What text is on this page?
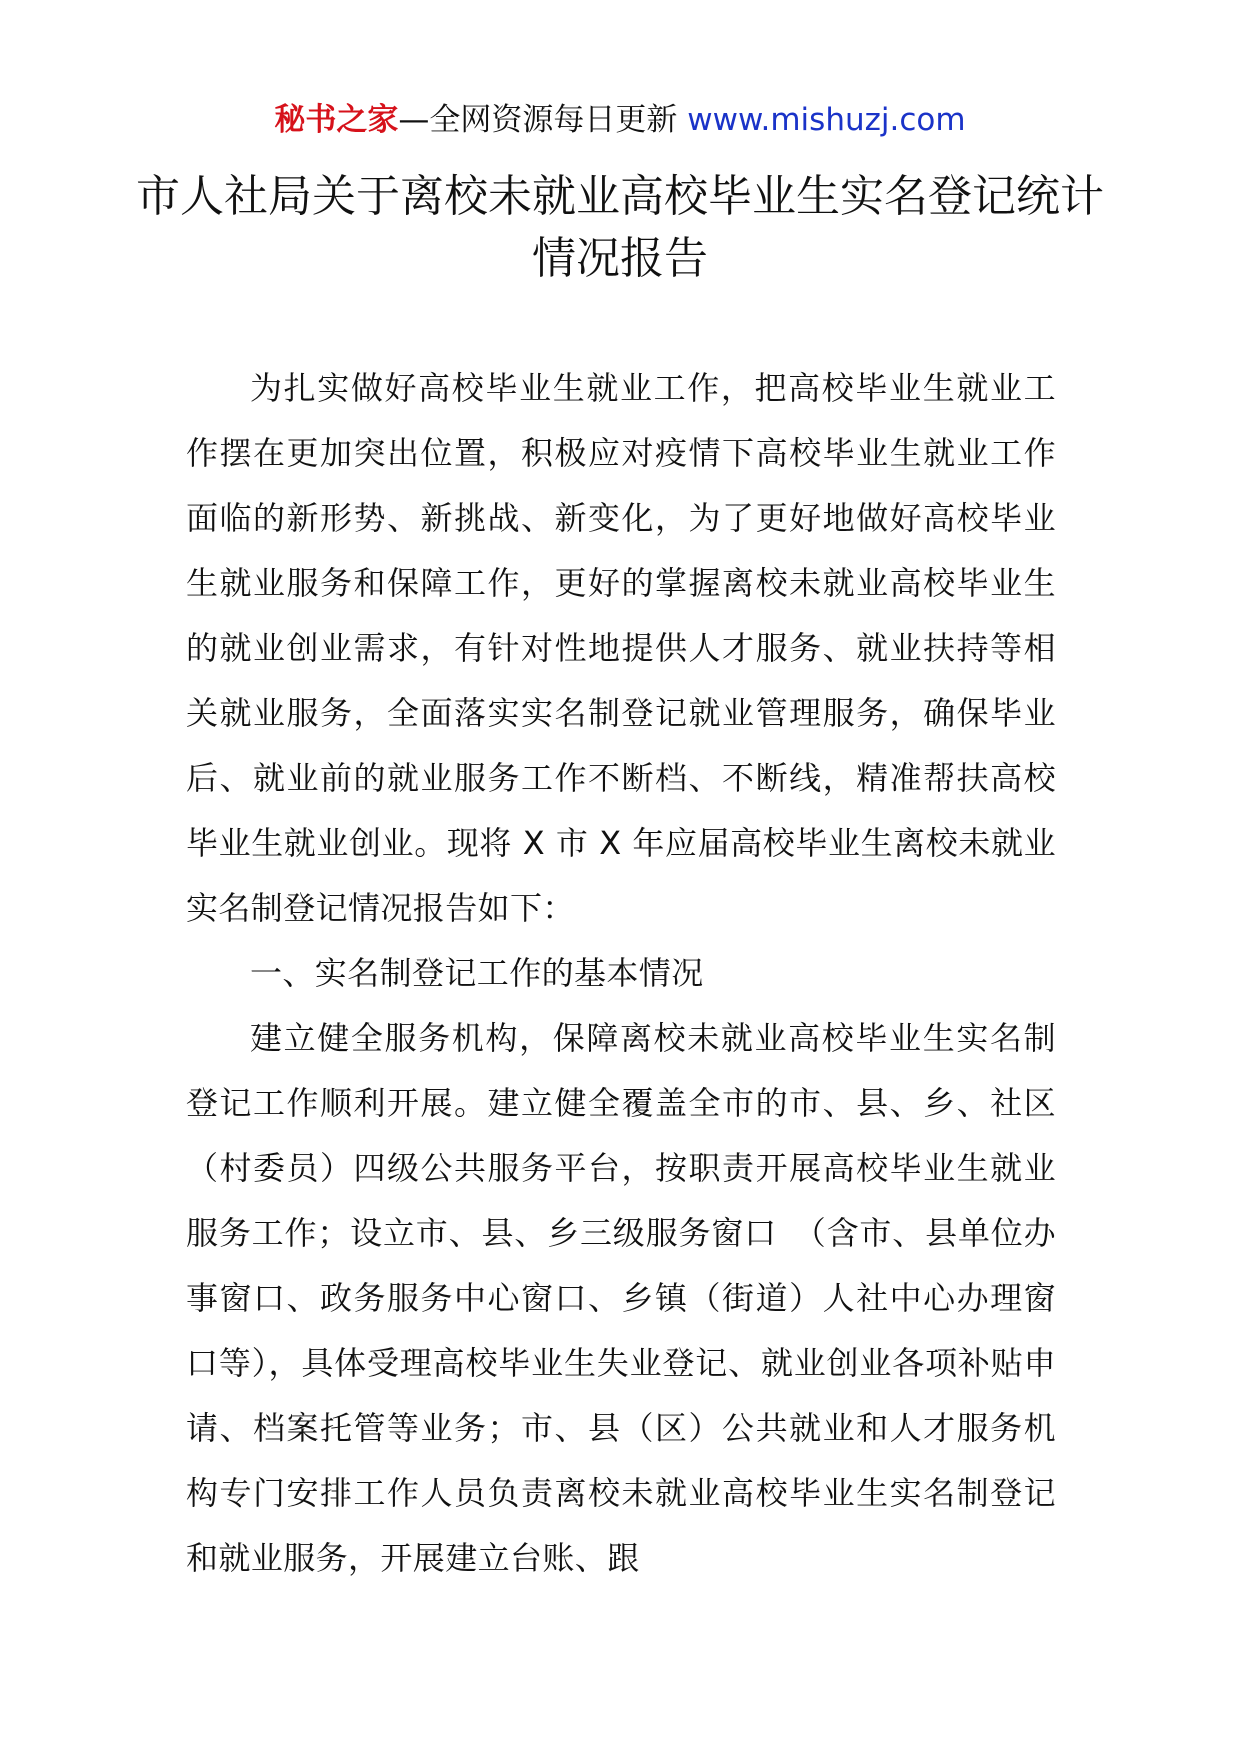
秘书之家—全网资源每日更新 www.mishuzj.com
市人社局关于离校未就业高校毕业生实名登记统计情况报告

为扎实做好高校毕业生就业工作，把高校毕业生就业工作摆在更加突出位置，积极应对疫情下高校毕业生就业工作面临的新形势、新挑战、新变化，为了更好地做好高校毕业生就业服务和保障工作，更好的掌握离校未就业高校毕业生的就业创业需求，有针对性地提供人才服务、就业扶持等相关就业服务，全面落实实名制登记就业管理服务，确保毕业后、就业前的就业服务工作不断档、不断线，精准帮扶高校毕业生就业创业。现将 X 市 X 年应届高校毕业生离校未就业实名制登记情况报告如下：

一、实名制登记工作的基本情况

建立健全服务机构，保障离校未就业高校毕业生实名制登记工作顺利开展。建立健全覆盖全市的市、县、乡、社区（村委员）四级公共服务平台，按职责开展高校毕业生就业服务工作；设立市、县、乡三级服务窗口　（含市、县单位办事窗口、政务服务中心窗口、乡镇（街道）人社中心办理窗口等），具体受理高校毕业生失业登记、就业创业各项补贴申请、档案托管等业务；市、县（区）公共就业和人才服务机构专门安排工作人员负责离校未就业高校毕业生实名制登记和就业服务，开展建立台账、跟
